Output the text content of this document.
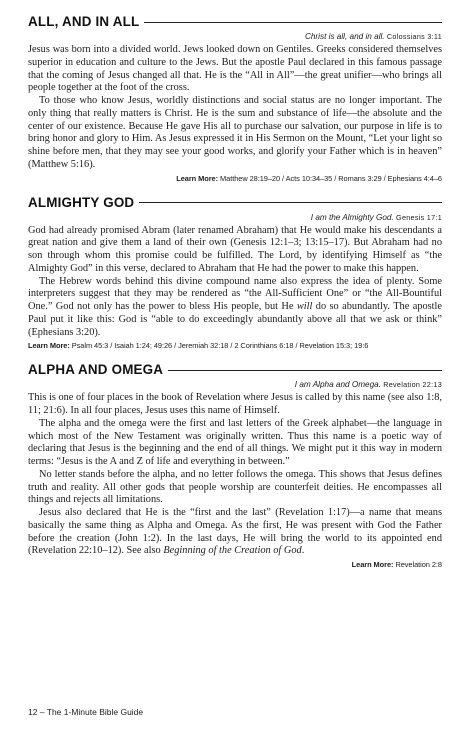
ALL, AND IN ALL
Christ is all, and in all. Colossians 3:11

Jesus was born into a divided world. Jews looked down on Gentiles. Greeks considered themselves superior in education and culture to the Jews. But the apostle Paul declared in this famous passage that the coming of Jesus changed all that. He is the “All in All”—the great unifier—who brings all people together at the foot of the cross.

To those who know Jesus, worldly distinctions and social status are no longer important. The only thing that really matters is Christ. He is the sum and substance of life—the absolute and the center of our existence. Because He gave His all to purchase our salvation, our purpose in life is to bring honor and glory to Him. As Jesus expressed it in His Sermon on the Mount, “Let your light so shine before men, that they may see your good works, and glorify your Father which is in heaven” (Matthew 5:16).

Learn More: Matthew 28:19–20 / Acts 10:34–35 / Romans 3:29 / Ephesians 4:4–6
ALMIGHTY GOD
I am the Almighty God. Genesis 17:1

God had already promised Abram (later renamed Abraham) that He would make his descendants a great nation and give them a land of their own (Genesis 12:1–3; 13:15–17). But Abraham had no son through whom this promise could be fulfilled. The Lord, by identifying Himself as “the Almighty God” in this verse, declared to Abraham that He had the power to make this happen.

The Hebrew words behind this divine compound name also express the idea of plenty. Some interpreters suggest that they may be rendered as “the All-Sufficient One” or “the All-Bountiful One.” God not only has the power to bless His people, but He will do so abundantly. The apostle Paul put it like this: God is “able to do exceedingly abundantly above all that we ask or think” (Ephesians 3:20).

Learn More: Psalm 45:3 / Isaiah 1:24; 49:26 / Jeremiah 32:18 / 2 Corinthians 6:18 / Revelation 15:3; 19:6
ALPHA AND OMEGA
I am Alpha and Omega. Revelation 22:13

This is one of four places in the book of Revelation where Jesus is called by this name (see also 1:8, 11; 21:6). In all four places, Jesus uses this name of Himself.

The alpha and the omega were the first and last letters of the Greek alphabet—the language in which most of the New Testament was originally written. Thus this name is a poetic way of declaring that Jesus is the beginning and the end of all things. We might put it this way in modern terms: “Jesus is the A and Z of life and everything in between.”

No letter stands before the alpha, and no letter follows the omega. This shows that Jesus defines truth and reality. All other gods that people worship are counterfeit deities. He encompasses all things and rejects all limitations.

Jesus also declared that He is the “first and the last” (Revelation 1:17)—a name that means basically the same thing as Alpha and Omega. As the first, He was present with God the Father before the creation (John 1:2). In the last days, He will bring the world to its appointed end (Revelation 22:10–12). See also Beginning of the Creation of God.

Learn More: Revelation 2:8
12 – The 1-Minute Bible Guide
